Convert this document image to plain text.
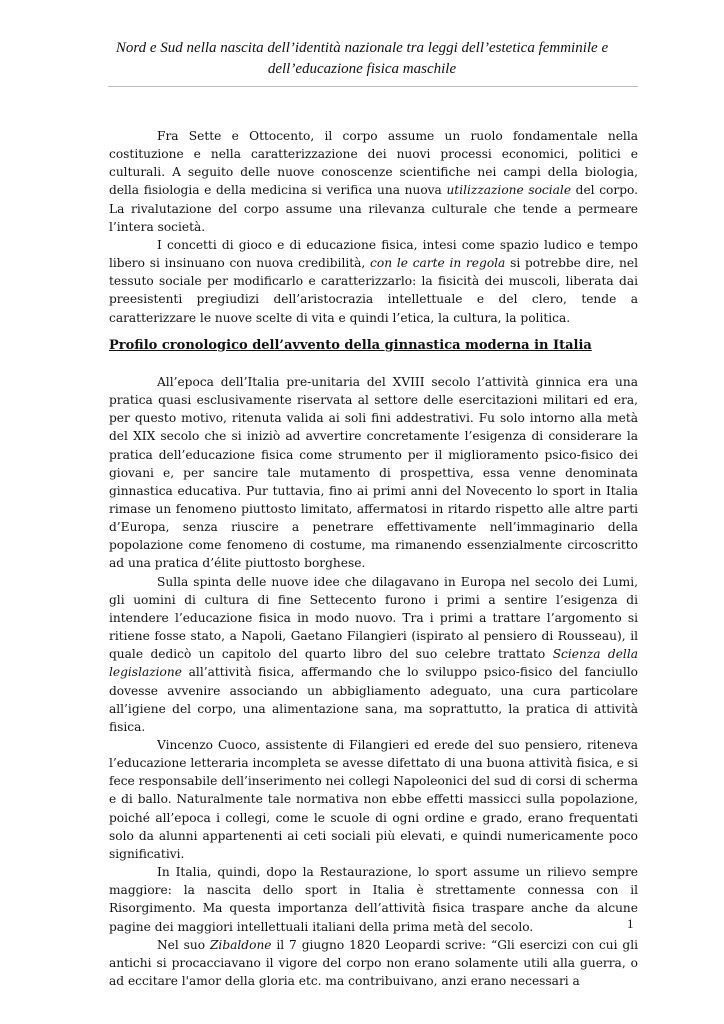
Nord e Sud nella nascita dell’identità nazionale tra leggi dell’estetica femminile e
dell’educazione fisica maschile

Fra Sette e Ottocento, il corpo assume un ruolo fondamentale nella costituzione e nella caratterizzazione dei nuovi processi economici, politici e culturali. A seguito delle nuove conoscenze scientifiche nei campi della biologia, della fisiologia e della medicina si verifica una nuova utilizzazione sociale del corpo. La rivalutazione del corpo assume una rilevanza culturale che tende a permeare l’intera società.

I concetti di gioco e di educazione fisica, intesi come spazio ludico e tempo libero si insinuano con nuova credibilità, con le carte in regola si potrebbe dire, nel tessuto sociale per modificarlo e caratterizzarlo: la fisicità dei muscoli, liberata dai preesistenti pregiudizi dell’aristocrazia intellettuale e del clero, tende a caratterizzare le nuove scelte di vita e quindi l’etica, la cultura, la politica.

Profilo cronologico dell’avvento della ginnastica moderna in Italia

All’epoca dell’Italia pre-unitaria del XVIII secolo l’attività ginnica era una pratica quasi esclusivamente riservata al settore delle esercitazioni militari ed era, per questo motivo, ritenuta valida ai soli fini addestrativi. Fu solo intorno alla metà del XIX secolo che si iniziò ad avvertire concretamente l’esigenza di considerare la pratica dell’educazione fisica come strumento per il miglioramento psico-fisico dei giovani e, per sancire tale mutamento di prospettiva, essa venne denominata ginnastica educativa. Pur tuttavia, fino ai primi anni del Novecento lo sport in Italia rimase un fenomeno piuttosto limitato, affermatosi in ritardo rispetto alle altre parti d’Europa, senza riuscire a penetrare effettivamente nell’immaginario della popolazione come fenomeno di costume, ma rimanendo essenzialmente circoscritto ad una pratica d’élite piuttosto borghese.

Sulla spinta delle nuove idee che dilagavano in Europa nel secolo dei Lumi, gli uomini di cultura di fine Settecento furono i primi a sentire l’esigenza di intendere l’educazione fisica in modo nuovo. Tra i primi a trattare l’argomento si ritiene fosse stato, a Napoli, Gaetano Filangieri (ispirato al pensiero di Rousseau), il quale dedicò un capitolo del quarto libro del suo celebre trattato Scienza della legislazione all’attività fisica, affermando che lo sviluppo psico-fisico del fanciullo dovesse avvenire associando un abbigliamento adeguato, una cura particolare all’igiene del corpo, una alimentazione sana, ma soprattutto, la pratica di attività fisica.

Vincenzo Cuoco, assistente di Filangieri ed erede del suo pensiero, riteneva l’educazione letteraria incompleta se avesse difettato di una buona attività fisica, e si fece responsabile dell’inserimento nei collegi Napoleonici del sud di corsi di scherma e di ballo. Naturalmente tale normativa non ebbe effetti massicci sulla popolazione, poiché all’epoca i collegi, come le scuole di ogni ordine e grado, erano frequentati solo da alunni appartenenti ai ceti sociali più elevati, e quindi numericamente poco significativi.

In Italia, quindi, dopo la Restaurazione, lo sport assume un rilievo sempre maggiore: la nascita dello sport in Italia è strettamente connessa con il Risorgimento. Ma questa importanza dell’attività fisica traspare anche da alcune pagine dei maggiori intellettuali italiani della prima metà del secolo.

Nel suo Zibaldone il 7 giugno 1820 Leopardi scrive: “Gli esercizi con cui gli antichi si procacciavano il vigore del corpo non erano solamente utili alla guerra, o ad eccitare l'amor della gloria etc. ma contribuivano, anzi erano necessari a

1
